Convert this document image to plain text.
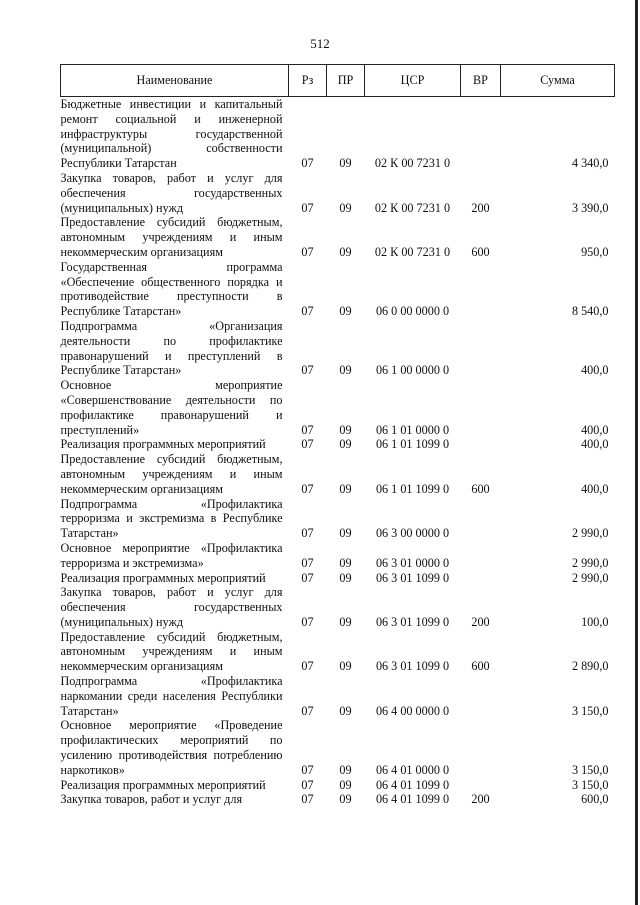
512
Наименование	Рз	ПР	ЦСР	ВР	Сумма
Бюджетные инвестиции и капитальный ремонт социальной и инженерной инфраструктуры государственной (муниципальной) собственности Республики Татарстан	07	09	02 К 00 7231 0		4 340,0
Закупка товаров, работ и услуг для обеспечения государственных (муниципальных) нужд	07	09	02 К 00 7231 0	200	3 390,0
Предоставление субсидий бюджетным, автономным учреждениям и иным некоммерческим организациям	07	09	02 К 00 7231 0	600	950,0
Государственная программа «Обеспечение общественного порядка и противодействие преступности в Республике Татарстан»	07	09	06 0 00 0000 0		8 540,0
Подпрограмма «Организация деятельности по профилактике правонарушений и преступлений в Республике Татарстан»	07	09	06 1 00 0000 0		400,0
Основное мероприятие «Совершенствование деятельности по профилактике правонарушений и преступлений»	07	09	06 1 01 0000 0		400,0
Реализация программных мероприятий	07	09	06 1 01 1099 0		400,0
Предоставление субсидий бюджетным, автономным учреждениям и иным некоммерческим организациям	07	09	06 1 01 1099 0	600	400,0
Подпрограмма «Профилактика терроризма и экстремизма в Республике Татарстан»	07	09	06 3 00 0000 0		2 990,0
Основное мероприятие «Профилактика терроризма и экстремизма»	07	09	06 3 01 0000 0		2 990,0
Реализация программных мероприятий	07	09	06 3 01 1099 0		2 990,0
Закупка товаров, работ и услуг для обеспечения государственных (муниципальных) нужд	07	09	06 3 01 1099 0	200	100,0
Предоставление субсидий бюджетным, автономным учреждениям и иным некоммерческим организациям	07	09	06 3 01 1099 0	600	2 890,0
Подпрограмма «Профилактика наркомании среди населения Республики Татарстан»	07	09	06 4 00 0000 0		3 150,0
Основное мероприятие «Проведение профилактических мероприятий по усилению противодействия потреблению наркотиков»	07	09	06 4 01 0000 0		3 150,0
Реализация программных мероприятий	07	09	06 4 01 1099 0		3 150,0
Закупка товаров, работ и услуг для	07	09	06 4 01 1099 0	200	600,0
